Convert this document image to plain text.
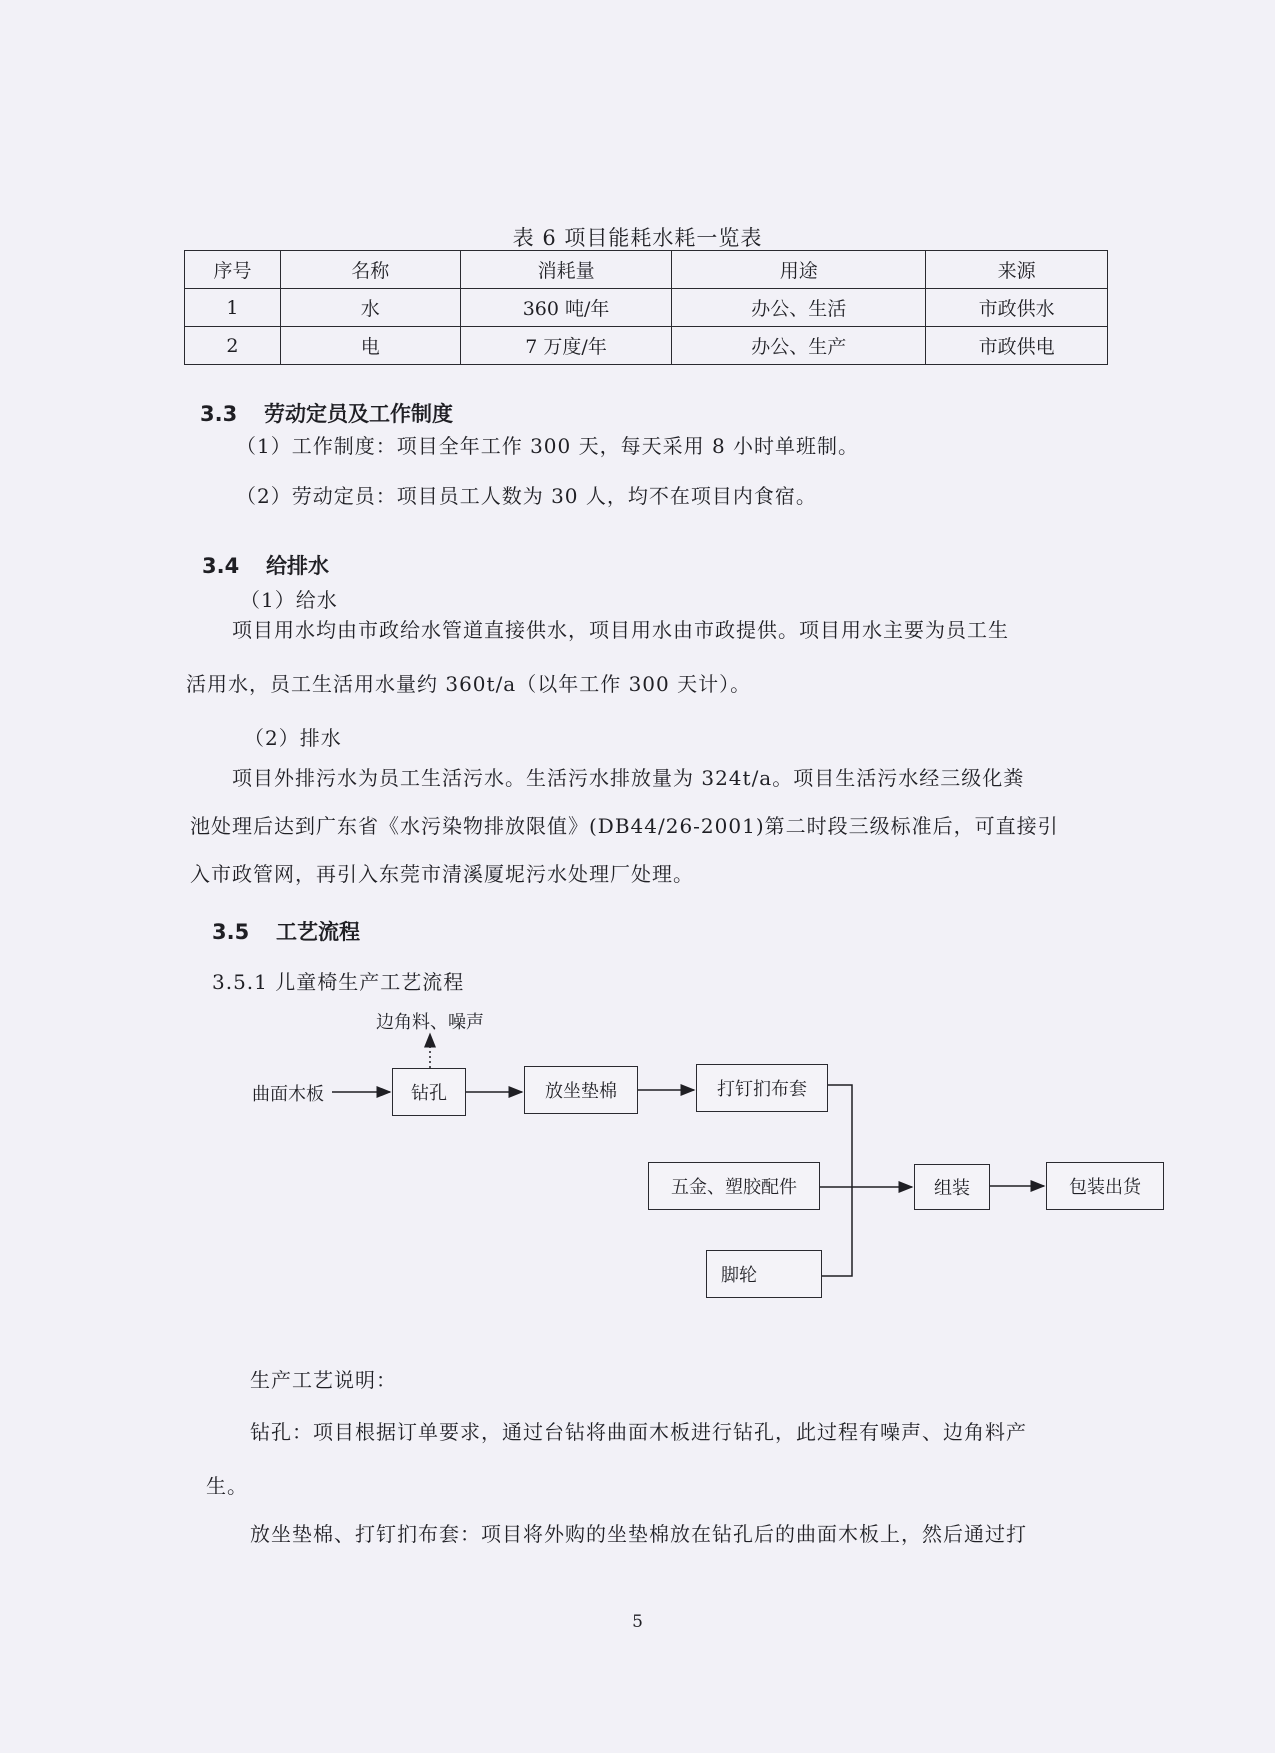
表 6 项目能耗水耗一览表
序号	名称	消耗量	用途	来源
1	水	360 吨/年	办公、生活	市政供水
2	电	7 万度/年	办公、生产	市政供电
3.3 劳动定员及工作制度
（1）工作制度：项目全年工作 300 天，每天采用 8 小时单班制。
（2）劳动定员：项目员工人数为 30 人，均不在项目内食宿。
3.4 给排水
（1）给水
项目用水均由市政给水管道直接供水，项目用水由市政提供。项目用水主要为员工生
活用水，员工生活用水量约 360t/a（以年工作 300 天计）。
（2）排水
项目外排污水为员工生活污水。生活污水排放量为 324t/a。项目生活污水经三级化粪
池处理后达到广东省《水污染物排放限值》(DB44/26-2001)第二时段三级标准后，可直接引
入市政管网，再引入东莞市清溪厦坭污水处理厂处理。
3.5 工艺流程
3.5.1 儿童椅生产工艺流程
边角料、噪声
曲面木板	钻孔	放坐垫棉	打钉扪布套
五金、塑胶配件	组装	包装出货
脚轮
生产工艺说明：
钻孔：项目根据订单要求，通过台钻将曲面木板进行钻孔，此过程有噪声、边角料产
生。
放坐垫棉、打钉扪布套：项目将外购的坐垫棉放在钻孔后的曲面木板上，然后通过打
5
